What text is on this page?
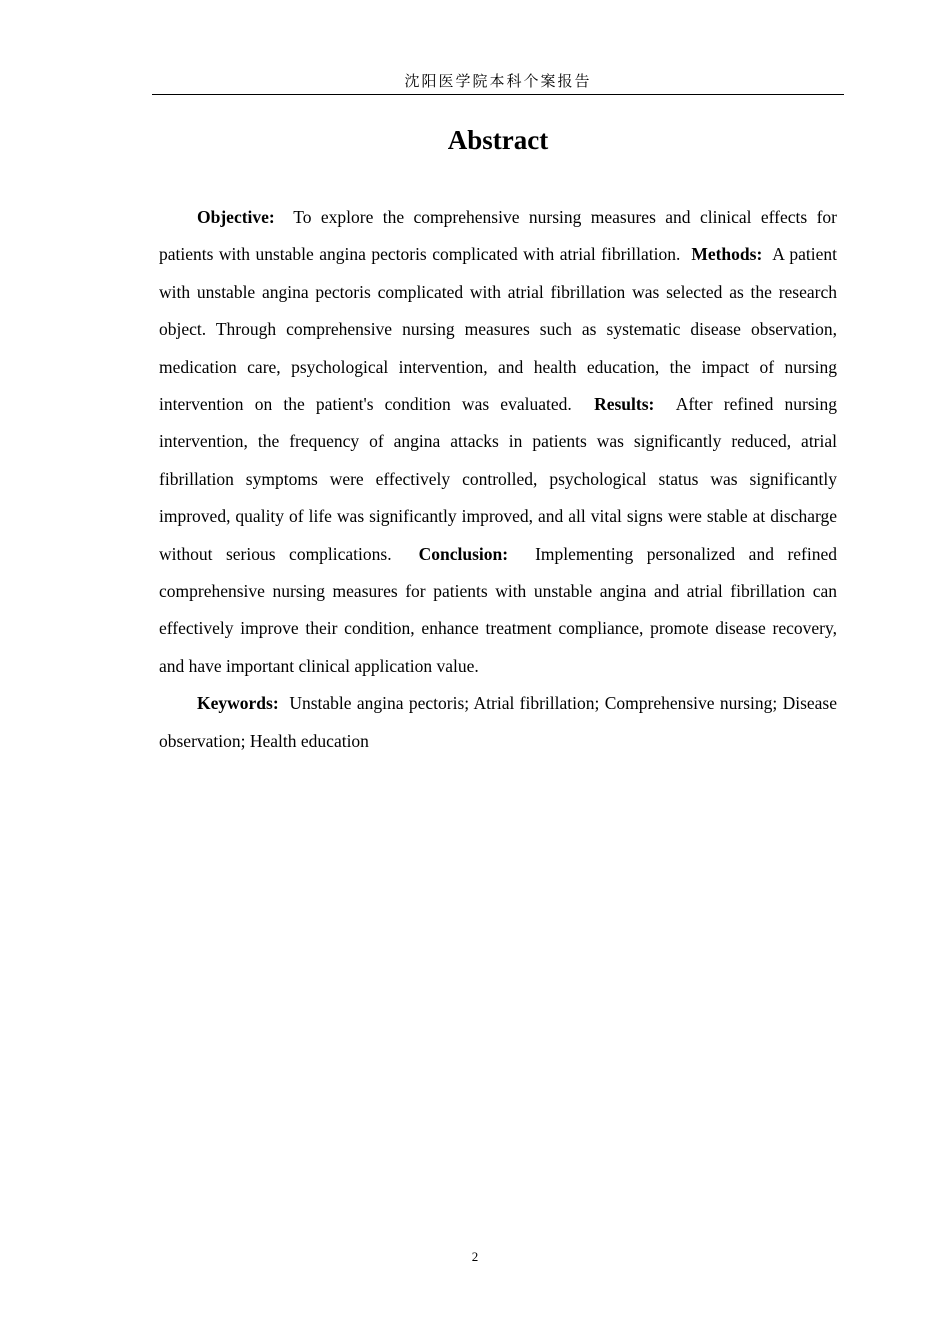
沈阳医学院本科个案报告
Abstract

Objective: To explore the comprehensive nursing measures and clinical effects for patients with unstable angina pectoris complicated with atrial fibrillation. Methods: A patient with unstable angina pectoris complicated with atrial fibrillation was selected as the research object. Through comprehensive nursing measures such as systematic disease observation, medication care, psychological intervention, and health education, the impact of nursing intervention on the patient's condition was evaluated. Results: After refined nursing intervention, the frequency of angina attacks in patients was significantly reduced, atrial fibrillation symptoms were effectively controlled, psychological status was significantly improved, quality of life was significantly improved, and all vital signs were stable at discharge without serious complications. Conclusion: Implementing personalized and refined comprehensive nursing measures for patients with unstable angina and atrial fibrillation can effectively improve their condition, enhance treatment compliance, promote disease recovery, and have important clinical application value.

Keywords: Unstable angina pectoris; Atrial fibrillation; Comprehensive nursing; Disease observation; Health education

2
